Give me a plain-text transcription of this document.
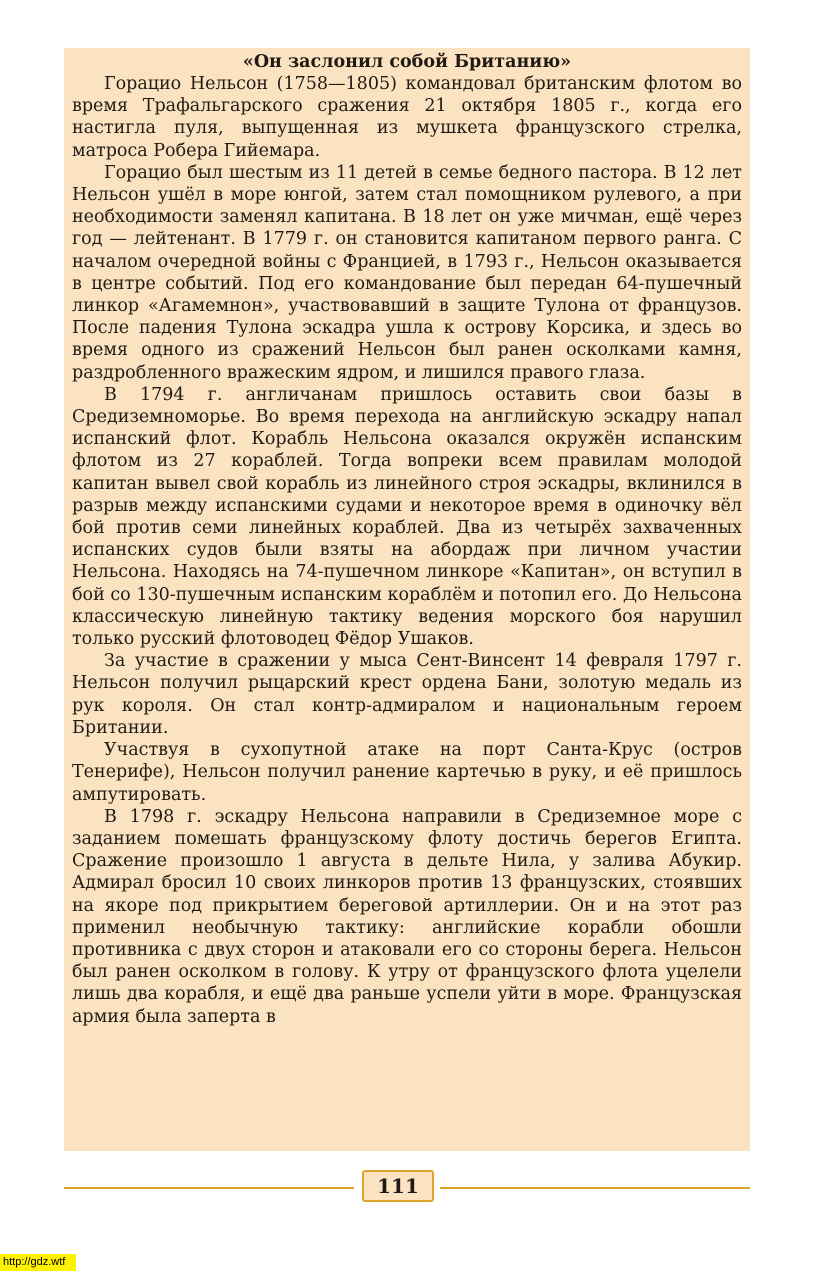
«Он заслонил собой Британию»

Горацио Нельсон (1758—1805) командовал британским флотом во время Трафальгарского сражения 21 октября 1805 г., когда его настигла пуля, выпущенная из мушкета французского стрелка, матроса Робера Гийемара.

Горацио был шестым из 11 детей в семье бедного пастора. В 12 лет Нельсон ушёл в море юнгой, затем стал помощником рулевого, а при необходимости заменял капитана. В 18 лет он уже мичман, ещё через год — лейтенант. В 1779 г. он становится капитаном первого ранга. С началом очередной войны с Францией, в 1793 г., Нельсон оказывается в центре событий. Под его командование был передан 64-пушечный линкор «Агамемнон», участвовавший в защите Тулона от французов. После падения Тулона эскадра ушла к острову Корсика, и здесь во время одного из сражений Нельсон был ранен осколками камня, раздробленного вражеским ядром, и лишился правого глаза.

В 1794 г. англичанам пришлось оставить свои базы в Средиземноморье. Во время перехода на английскую эскадру напал испанский флот. Корабль Нельсона оказался окружён испанским флотом из 27 кораблей. Тогда вопреки всем правилам молодой капитан вывел свой корабль из линейного строя эскадры, вклинился в разрыв между испанскими судами и некоторое время в одиночку вёл бой против семи линейных кораблей. Два из четырёх захваченных испанских судов были взяты на абордаж при личном участии Нельсона. Находясь на 74-пушечном линкоре «Капитан», он вступил в бой со 130-пушечным испанским кораблём и потопил его. До Нельсона классическую линейную тактику ведения морского боя нарушил только русский флотоводец Фёдор Ушаков.

За участие в сражении у мыса Сент-Винсент 14 февраля 1797 г. Нельсон получил рыцарский крест ордена Бани, золотую медаль из рук короля. Он стал контр-адмиралом и национальным героем Британии.

Участвуя в сухопутной атаке на порт Санта-Крус (остров Тенерифе), Нельсон получил ранение картечью в руку, и её пришлось ампутировать.

В 1798 г. эскадру Нельсона направили в Средиземное море с заданием помешать французскому флоту достичь берегов Египта. Сражение произошло 1 августа в дельте Нила, у залива Абукир. Адмирал бросил 10 своих линкоров против 13 французских, стоявших на якоре под прикрытием береговой артиллерии. Он и на этот раз применил необычную тактику: английские корабли обошли противника с двух сторон и атаковали его со стороны берега. Нельсон был ранен осколком в голову. К утру от французского флота уцелели лишь два корабля, и ещё два раньше успели уйти в море. Французская армия была заперта в

111
http://gdz.wtf
